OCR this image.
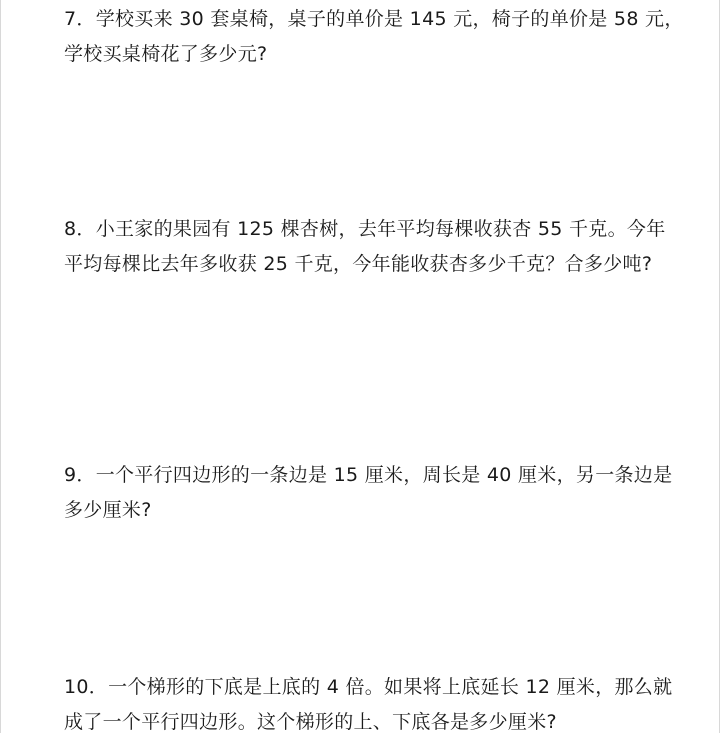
7．学校买来 30 套桌椅，桌子的单价是 145 元，椅子的单价是 58 元，
学校买桌椅花了多少元?
8．小王家的果园有 125 棵杏树，去年平均每棵收获杏 55 千克。今年
平均每棵比去年多收获 25 千克，今年能收获杏多少千克？合多少吨?
9．一个平行四边形的一条边是 15 厘米，周长是 40 厘米，另一条边是
多少厘米?
10．一个梯形的下底是上底的 4 倍。如果将上底延长 12 厘米，那么就
成了一个平行四边形。这个梯形的上、下底各是多少厘米?
